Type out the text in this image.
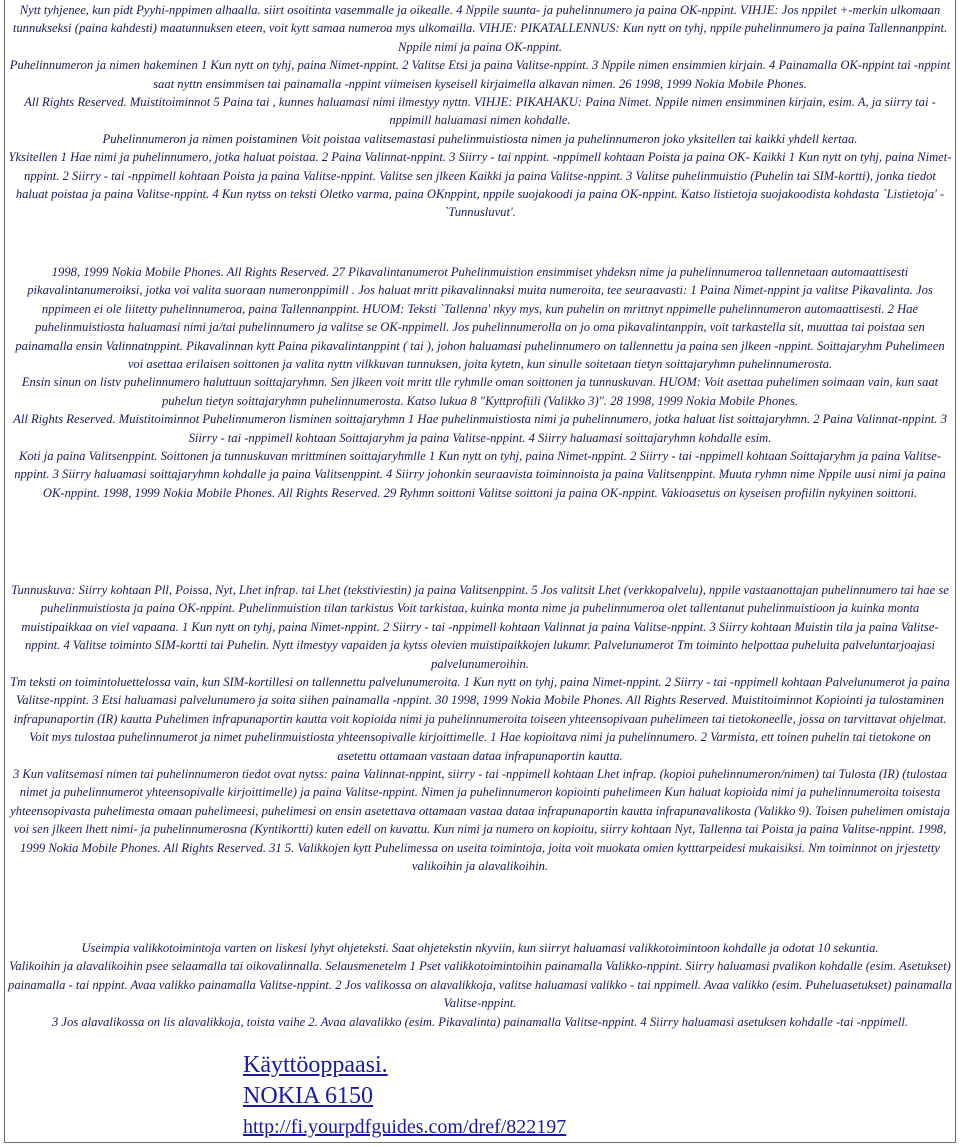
Nytt tyhjenee, kun pidt Pyyhi-nppimen alhaalla. siirt osoitinta vasemmalle ja oikealle. 4 Nppile suunta- ja puhelinnumero ja paina OK-nppint. VIHJE: Jos nppilet +-merkin ulkomaan tunnukseksi (paina kahdesti) maatunnuksen eteen, voit kytt samaa numeroa mys ulkomailla. VIHJE: PIKATALLENNUS: Kun nytt on tyhj, nppile puhelinnumero ja paina Tallennanppint. Nppile nimi ja paina OK-nppint.

Puhelinnumeron ja nimen hakeminen 1 Kun nytt on tyhj, paina Nimet-nppint. 2 Valitse Etsi ja paina Valitse-nppint. 3 Nppile nimen ensimmien kirjain. 4 Painamalla OK-nppint tai -nppint saat nyttn ensimmisen tai painamalla -nppint viimeisen kyseisell kirjaimella alkavan nimen. 26 1998, 1999 Nokia Mobile Phones.

All Rights Reserved. Muistitoiminnot 5 Paina tai , kunnes haluamasi nimi ilmestyy nyttn. VIHJE: PIKAHAKU: Paina Nimet. Nppile nimen ensimminen kirjain, esim. A, ja siirry tai -nppimill haluamasi nimen kohdalle.

Puhelinnumeron ja nimen poistaminen Voit poistaa valitsemastasi puhelinmuistiosta nimen ja puhelinnumeron joko yksitellen tai kaikki yhdell kertaa.

Yksitellen 1 Hae nimi ja puhelinnumero, jotka haluat poistaa. 2 Paina Valinnat-nppint. 3 Siirry - tai nppint. -nppimell kohtaan Poista ja paina OK- Kaikki 1 Kun nytt on tyhj, paina Nimet-nppint. 2 Siirry - tai -nppimell kohtaan Poista ja paina Valitse-nppint. Valitse sen jlkeen Kaikki ja paina Valitse-nppint. 3 Valitse puhelinmuistio (Puhelin tai SIM-kortti), jonka tiedot haluat poistaa ja paina Valitse-nppint. 4 Kun nytss on teksti Oletko varma, paina OKnppint, nppile suojakoodi ja paina OK-nppint. Katso listietoja suojakoodista kohdasta `Listietoja' - `Tunnusluvut'.

1998, 1999 Nokia Mobile Phones. All Rights Reserved. 27 Pikavalintanumerot Puhelinmuistion ensimmiset yhdeksn nime ja puhelinnumeroa tallennetaan automaattisesti pikavalintanumeroiksi, jotka voi valita suoraan numeronppimill . Jos haluat mritt pikavalinnaksi muita numeroita, tee seuraavasti: 1 Paina Nimet-nppint ja valitse Pikavalinta. Jos nppimeen ei ole liitetty puhelinnumeroa, paina Tallennanppint. HUOM: Teksti `Tallenna' nkyy mys, kun puhelin on mrittnyt nppimelle puhelinnumeron automaattisesti. 2 Hae puhelinmuistiosta haluamasi nimi ja/tai puhelinnumero ja valitse se OK-nppimell. Jos puhelinnumerolla on jo oma pikavalintanppin, voit tarkastella sit, muuttaa tai poistaa sen painamalla ensin Valinnatnppint. Pikavalinnan kytt Paina pikavalintanppint ( tai ), johon haluamasi puhelinnumero on tallennettu ja paina sen jlkeen -nppint. Soittajaryhm Puhelimeen voi asettaa erilaisen soittonen ja valita nyttn vilkkuvan tunnuksen, joita kytetn, kun sinulle soitetaan tietyn soittajaryhmn puhelinnumerosta.

Ensin sinun on listv puhelinnumero haluttuun soittajaryhmn. Sen jlkeen voit mritt tlle ryhmlle oman soittonen ja tunnuskuvan. HUOM: Voit asettaa puhelimen soimaan vain, kun saat puhelun tietyn soittajaryhmn puhelinnumerosta. Katso lukua 8 "Kyttprofiili (Valikko 3)". 28 1998, 1999 Nokia Mobile Phones.

All Rights Reserved. Muistitoiminnot Puhelinnumeron lisminen soittajaryhmn 1 Hae puhelinmuistiosta nimi ja puhelinnumero, jotka haluat list soittajaryhmn. 2 Paina Valinnat-nppint. 3 Siirry - tai -nppimell kohtaan Soittajaryhm ja paina Valitse-nppint. 4 Siirry haluamasi soittajaryhmn kohdalle esim.

Koti ja paina Valitsenppint. Soittonen ja tunnuskuvan mrittminen soittajaryhmlle 1 Kun nytt on tyhj, paina Nimet-nppint. 2 Siirry - tai -nppimell kohtaan Soittajaryhm ja paina Valitse-nppint. 3 Siirry haluamasi soittajaryhmn kohdalle ja paina Valitsenppint. 4 Siirry johonkin seuraavista toiminnoista ja paina Valitsenppint. Muuta ryhmn nime Nppile uusi nimi ja paina OK-nppint. 1998, 1999 Nokia Mobile Phones. All Rights Reserved. 29 Ryhmn soittoni Valitse soittoni ja paina OK-nppint. Vakioasetus on kyseisen profiilin nykyinen soittoni.

Tunnuskuva: Siirry kohtaan Pll, Poissa, Nyt, Lhet infrap. tai Lhet (tekstiviestin) ja paina Valitsenppint. 5 Jos valitsit Lhet (verkkopalvelu), nppile vastaanottajan puhelinnumero tai hae se puhelinmuistiosta ja paina OK-nppint. Puhelinmuistion tilan tarkistus Voit tarkistaa, kuinka monta nime ja puhelinnumeroa olet tallentanut puhelinmuistioon ja kuinka monta muistipaikkaa on viel vapaana. 1 Kun nytt on tyhj, paina Nimet-nppint. 2 Siirry - tai -nppimell kohtaan Valinnat ja paina Valitse-nppint. 3 Siirry kohtaan Muistin tila ja paina Valitse-nppint. 4 Valitse toiminto SIM-kortti tai Puhelin. Nytt ilmestyy vapaiden ja kytss olevien muistipaikkojen lukumr. Palvelunumerot Tm toiminto helpottaa puheluita palveluntarjoajasi palvelunumeroihin.

Tm teksti on toimintoluettelossa vain, kun SIM-kortillesi on tallennettu palvelunumeroita. 1 Kun nytt on tyhj, paina Nimet-nppint. 2 Siirry - tai -nppimell kohtaan Palvelunumerot ja paina Valitse-nppint. 3 Etsi haluamasi palvelunumero ja soita siihen painamalla -nppint. 30 1998, 1999 Nokia Mobile Phones. All Rights Reserved. Muistitoiminnot Kopiointi ja tulostaminen infrapunaportin (IR) kautta Puhelimen infrapunaportin kautta voit kopioida nimi ja puhelinnumeroita toiseen yhteensopivaan puhelimeen tai tietokoneelle, jossa on tarvittavat ohjelmat. Voit mys tulostaa puhelinnumerot ja nimet puhelinmuistiosta yhteensopivalle kirjoittimelle. 1 Hae kopioitava nimi ja puhelinnumero. 2 Varmista, ett toinen puhelin tai tietokone on asetettu ottamaan vastaan dataa infrapunaportin kautta.

3 Kun valitsemasi nimen tai puhelinnumeron tiedot ovat nytss: paina Valinnat-nppint, siirry - tai -nppimell kohtaan Lhet infrap. (kopioi puhelinnumeron/nimen) tai Tulosta (IR) (tulostaa nimet ja puhelinnumerot yhteensopivalle kirjoittimelle) ja paina Valitse-nppint. Nimen ja puhelinnumeron kopiointi puhelimeen Kun haluat kopioida nimi ja puhelinnumeroita toisesta yhteensopivasta puhelimesta omaan puhelimeesi, puhelimesi on ensin asetettava ottamaan vastaa dataa infrapunaportin kautta infrapunavalikosta (Valikko 9). Toisen puhelimen omistaja voi sen jlkeen lhett nimi- ja puhelinnumerosna (Kyntikortti) kuten edell on kuvattu. Kun nimi ja numero on kopioitu, siirry kohtaan Nyt, Tallenna tai Poista ja paina Valitse-nppint. 1998, 1999 Nokia Mobile Phones. All Rights Reserved. 31 5. Valikkojen kytt Puhelimessa on useita toimintoja, joita voit muokata omien kytttarpeidesi mukaisiksi. Nm toiminnot on jrjestetty valikoihin ja alavalikoihin.

Useimpia valikkotoimintoja varten on liskesi lyhyt ohjeteksti. Saat ohjetekstin nkyviin, kun siirryt haluamasi valikkotoimintoon kohdalle ja odotat 10 sekuntia.

Valikoihin ja alavalikoihin psee selaamalla tai oikovalinnalla. Selausmenetelm 1 Pset valikkotoimintoihin painamalla Valikko-nppint. Siirry haluamasi pvalikon kohdalle (esim. Asetukset) painamalla - tai nppint. Avaa valikko painamalla Valitse-nppint. 2 Jos valikossa on alavalikkoja, valitse haluamasi valikko - tai nppimell. Avaa valikko (esim. Puheluasetukset) painamalla Valitse-nppint.

3 Jos alavalikossa on lis alavalikkoja, toista vaihe 2. Avaa alavalikko (esim. Pikavalinta) painamalla Valitse-nppint. 4 Siirry haluamasi asetuksen kohdalle -tai -nppimell.

Käyttöoppaasi.
NOKIA 6150
http://fi.yourpdfguides.com/dref/822197
